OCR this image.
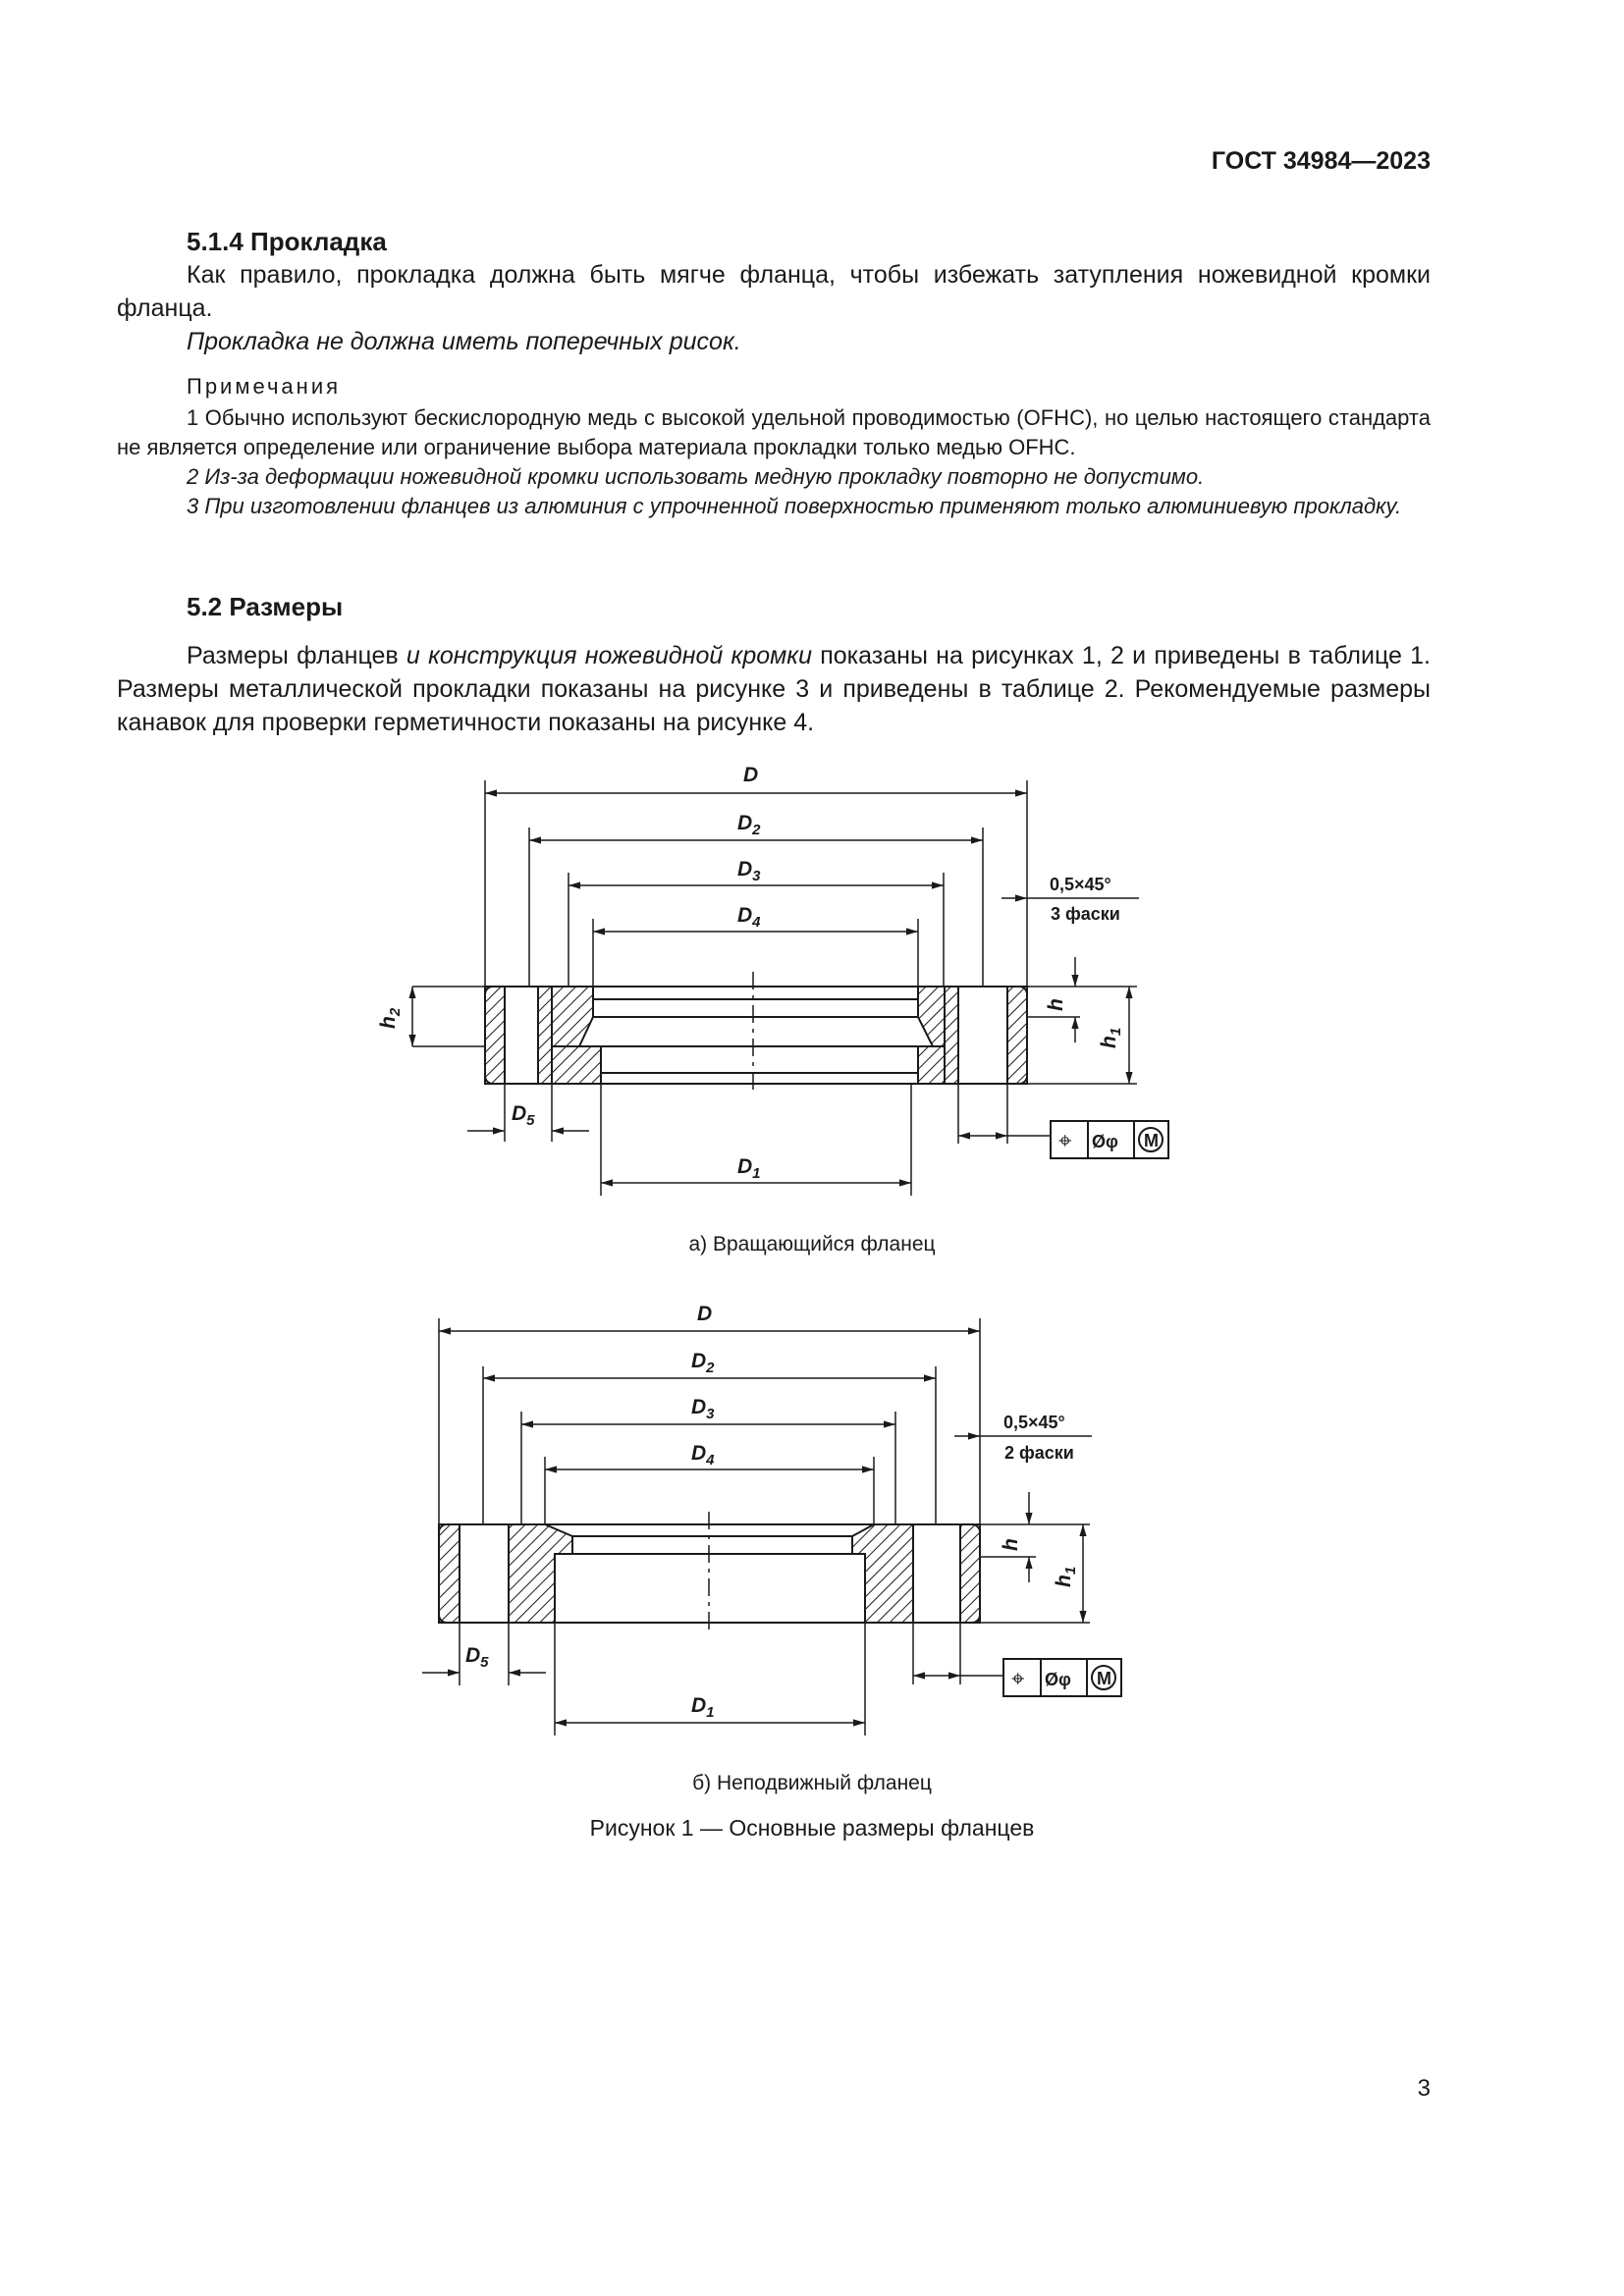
ГОСТ 34984—2023
5.1.4 Прокладка
Как правило, прокладка должна быть мягче фланца, чтобы избежать затупления ножевидной кромки фланца.
Прокладка не должна иметь поперечных рисок.
Примечания
1 Обычно используют бескислородную медь с высокой удельной проводимостью (OFHC), но целью настоящего стандарта не является определение или ограничение выбора материала прокладки только медью OFHC.
2 Из-за деформации ножевидной кромки использовать медную прокладку повторно не допустимо.
3 При изготовлении фланцев из алюминия с упрочненной поверхностью применяют только алюминиевую прокладку.
5.2 Размеры
Размеры фланцев и конструкция ножевидной кромки показаны на рисунках 1, 2 и приведены в таблице 1. Размеры металлической прокладки показаны на рисунке 3 и приведены в таблице 2. Рекомендуемые размеры канавок для проверки герметичности показаны на рисунке 4.
D
D2
D3
D4
D1
D5
h2
h
h1
0,5×45°
3 фаски
⌖ Øφ M
D
D2
D3
D4
D1
D5
h
h1
0,5×45°
2 фаски
⌖ Øφ M
а) Вращающийся фланец
б) Неподвижный фланец
Рисунок 1 — Основные размеры фланцев
3
